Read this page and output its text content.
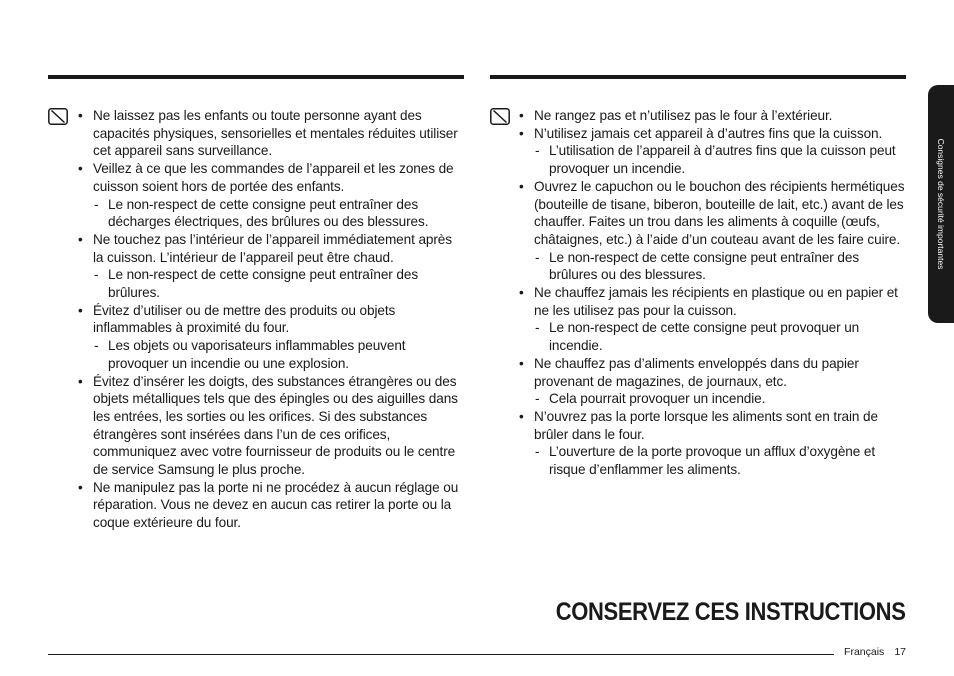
• Ne laissez pas les enfants ou toute personne ayant des capacités physiques, sensorielles et mentales réduites utiliser cet appareil sans surveillance.
• Veillez à ce que les commandes de l’appareil et les zones de cuisson soient hors de portée des enfants.
- Le non-respect de cette consigne peut entraîner des décharges électriques, des brûlures ou des blessures.
• Ne touchez pas l’intérieur de l’appareil immédiatement après la cuisson. L’intérieur de l’appareil peut être chaud.
- Le non-respect de cette consigne peut entraîner des brûlures.
• Évitez d’utiliser ou de mettre des produits ou objets inflammables à proximité du four.
- Les objets ou vaporisateurs inflammables peuvent provoquer un incendie ou une explosion.
• Évitez d’insérer les doigts, des substances étrangères ou des objets métalliques tels que des épingles ou des aiguilles dans les entrées, les sorties ou les orifices. Si des substances étrangères sont insérées dans l’un de ces orifices, communiquez avec votre fournisseur de produits ou le centre de service Samsung le plus proche.
• Ne manipulez pas la porte ni ne procédez à aucun réglage ou réparation. Vous ne devez en aucun cas retirer la porte ou la coque extérieure du four.
• Ne rangez pas et n’utilisez pas le four à l’extérieur.
• N’utilisez jamais cet appareil à d’autres fins que la cuisson.
- L’utilisation de l’appareil à d’autres fins que la cuisson peut provoquer un incendie.
• Ouvrez le capuchon ou le bouchon des récipients hermétiques (bouteille de tisane, biberon, bouteille de lait, etc.) avant de les chauffer. Faites un trou dans les aliments à coquille (œufs, châtaignes, etc.) à l’aide d’un couteau avant de les faire cuire.
- Le non-respect de cette consigne peut entraîner des brûlures ou des blessures.
• Ne chauffez jamais les récipients en plastique ou en papier et ne les utilisez pas pour la cuisson.
- Le non-respect de cette consigne peut provoquer un incendie.
• Ne chauffez pas d’aliments enveloppés dans du papier provenant de magazines, de journaux, etc.
- Cela pourrait provoquer un incendie.
• N’ouvrez pas la porte lorsque les aliments sont en train de brûler dans le four.
- L’ouverture de la porte provoque un afflux d’oxygène et risque d’enflammer les aliments.
CONSERVEZ CES INSTRUCTIONS
Français 17
Consignes de sécurité importantes
